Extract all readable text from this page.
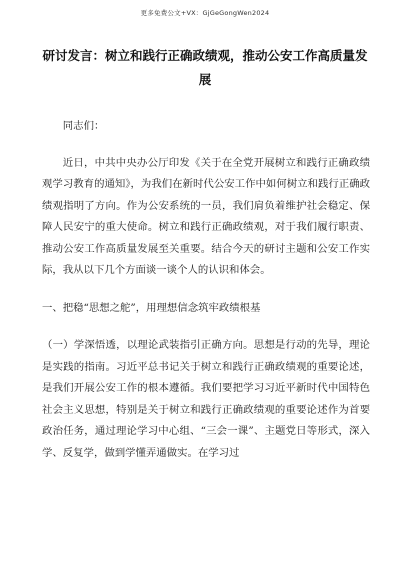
更多免费公文+VX：GjGeGongWen2024
研讨发言：树立和践行正确政绩观，推动公安工作高质量发展

同志们：

近日，中共中央办公厅印发《关于在全党开展树立和践行正确政绩观学习教育的通知》，为我们在新时代公安工作中如何树立和践行正确政绩观指明了方向。作为公安系统的一员，我们肩负着维护社会稳定、保障人民安宁的重大使命。树立和践行正确政绩观，对于我们履行职责、推动公安工作高质量发展至关重要。结合今天的研讨主题和公安工作实际，我从以下几个方面谈一谈个人的认识和体会。

一、把稳“思想之舵”，用理想信念筑牢政绩根基

（一）学深悟透，以理论武装指引正确方向。思想是行动的先导，理论是实践的指南。习近平总书记关于树立和践行正确政绩观的重要论述，是我们开展公安工作的根本遵循。我们要把学习习近平新时代中国特色社会主义思想，特别是关于树立和践行正确政绩观的重要论述作为首要政治任务，通过理论学习中心组、“三会一课”、主题党日等形式，深入学、反复学，做到学懂弄通做实。在学习过
